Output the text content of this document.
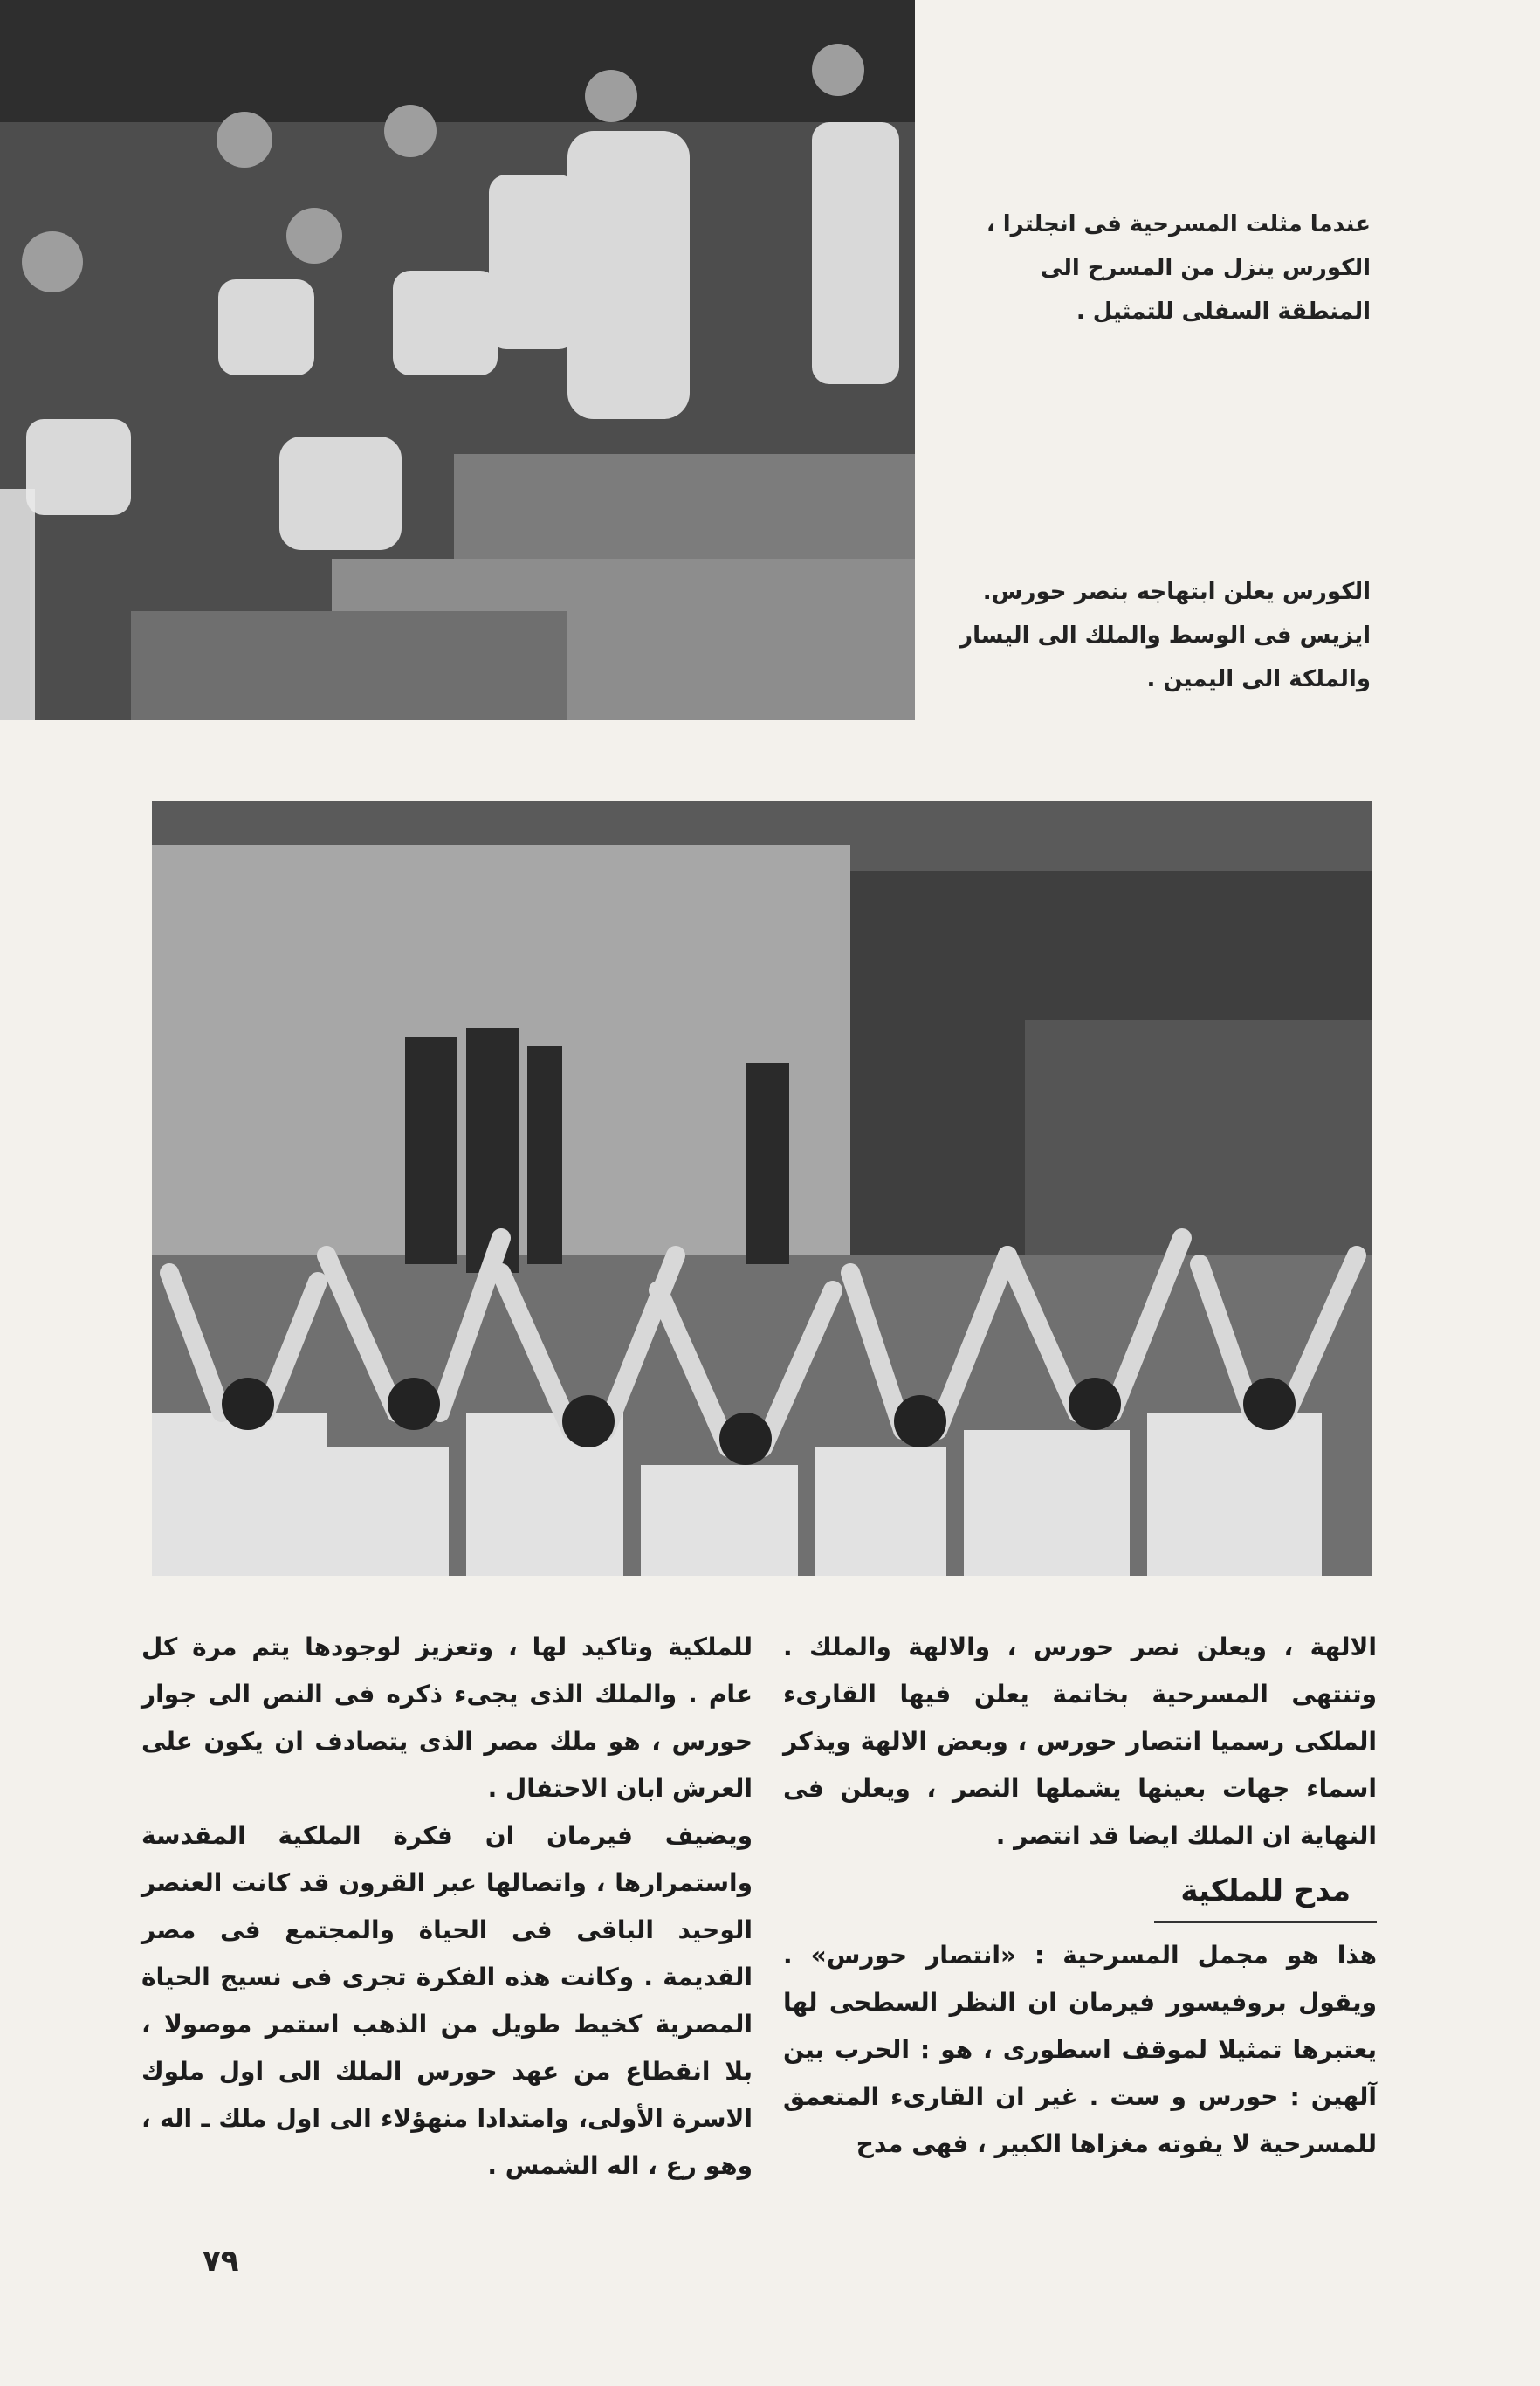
عندما مثلت المسرحية فى انجلترا ، الكورس ينزل من المسرح الى المنطقة السفلى للتمثيل .
الكورس يعلن ابتهاجه بنصر حورس. ايزيس فى الوسط والملك الى اليسار والملكة الى اليمين .

الالهة ، ويعلن نصر حورس ، والالهة والملك . وتنتهى المسرحية بخاتمة يعلن فيها القارىء الملكى رسميا انتصار حورس ، وبعض الالهة ويذكر اسماء جهات بعينها يشملها النصر ، ويعلن فى النهاية ان الملك ايضا قد انتصر .

مدح للملكية

هذا هو مجمل المسرحية : «انتصار حورس» . ويقول بروفيسور فيرمان ان النظر السطحى لها يعتبرها تمثيلا لموقف اسطورى ، هو : الحرب بين آلهين : حورس و ست . غير ان القارىء المتعمق للمسرحية لا يفوته مغزاها الكبير ، فهى مدح

للملكية وتاكيد لها ، وتعزيز لوجودها يتم مرة كل عام . والملك الذى يجىء ذكره فى النص الى جوار حورس ، هو ملك مصر الذى يتصادف ان يكون على العرش ابان الاحتفال .

ويضيف فيرمان ان فكرة الملكية المقدسة واستمرارها ، واتصالها عبر القرون قد كانت العنصر الوحيد الباقى فى الحياة والمجتمع فى مصر القديمة . وكانت هذه الفكرة تجرى فى نسيج الحياة المصرية كخيط طويل من الذهب استمر موصولا ، بلا انقطاع من عهد حورس الملك الى اول ملوك الاسرة الأولى، وامتدادا منهؤلاء الى اول ملك ـ اله ، وهو رع ، اله الشمس .

٧٩
